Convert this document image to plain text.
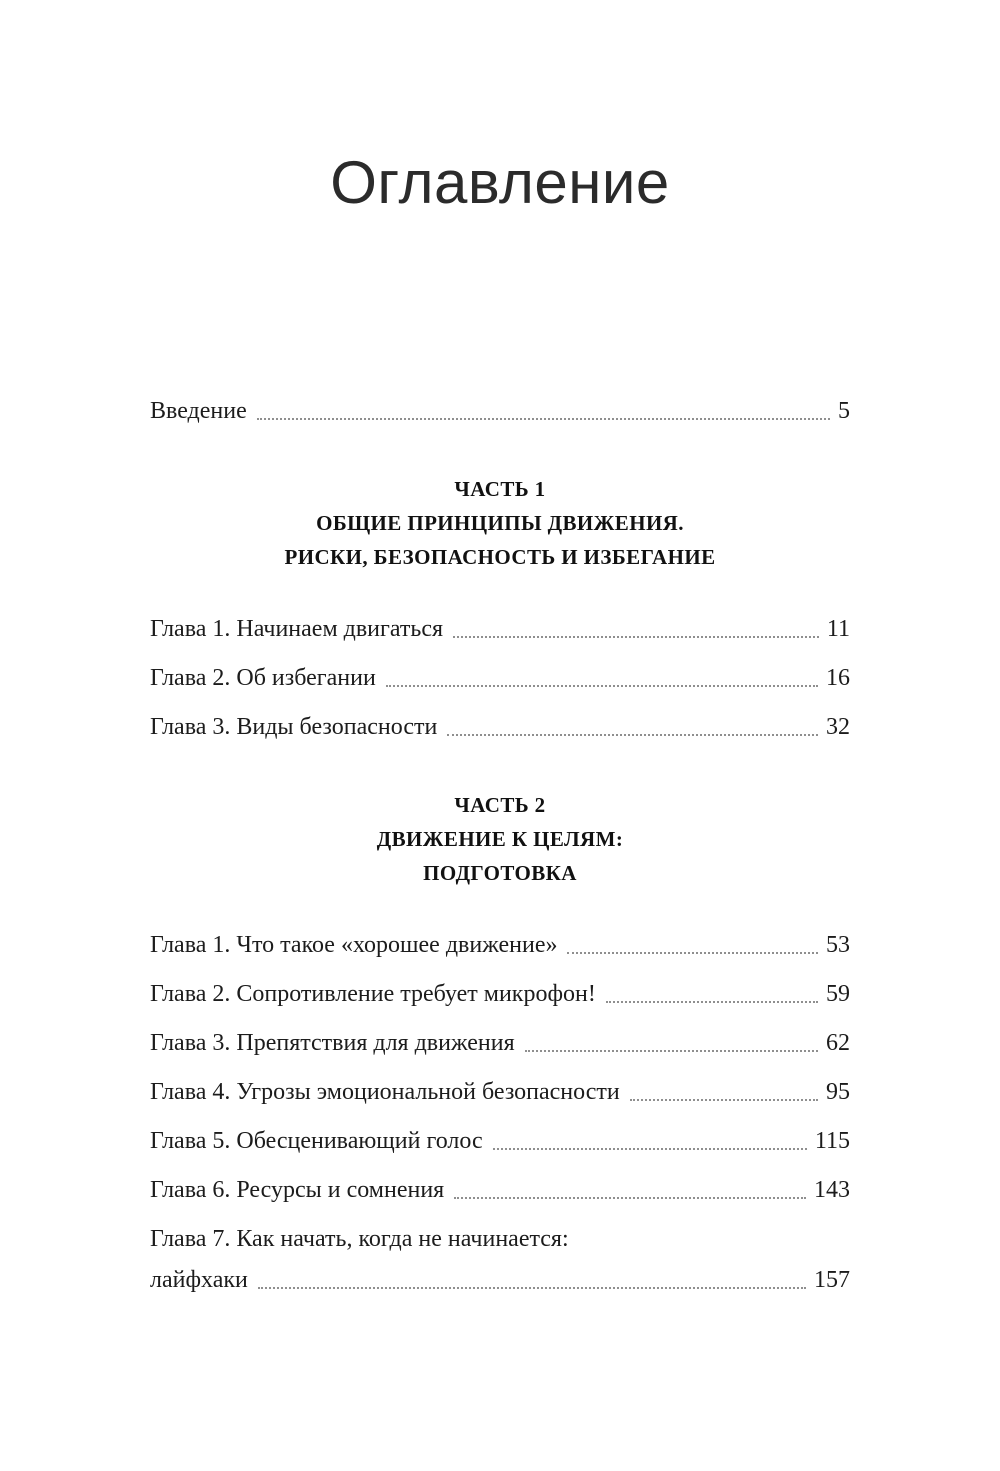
Оглавление
Введение	5
ЧАСТЬ 1
ОБЩИЕ ПРИНЦИПЫ ДВИЖЕНИЯ.
РИСКИ, БЕЗОПАСНОСТЬ И ИЗБЕГАНИЕ
Глава 1. Начинаем двигаться	11
Глава 2. Об избегании	16
Глава 3. Виды безопасности	32
ЧАСТЬ 2
ДВИЖЕНИЕ К ЦЕЛЯМ:
ПОДГОТОВКА
Глава 1. Что такое «хорошее движение»	53
Глава 2. Сопротивление требует микрофон!	59
Глава 3. Препятствия для движения	62
Глава 4. Угрозы эмоциональной безопасности	95
Глава 5. Обесценивающий голос	115
Глава 6. Ресурсы и сомнения	143
Глава 7. Как начать, когда не начинается:
лайфхаки	157
